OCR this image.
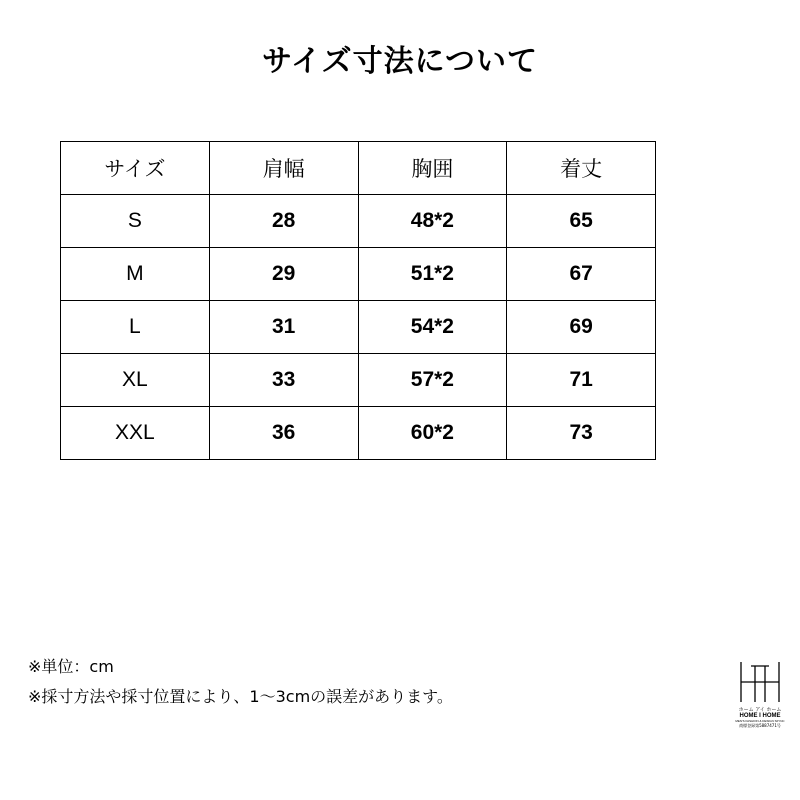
サイズ寸法について
サイズ	肩幅	胸囲	着丈
S	28	48*2	65
M	29	51*2	67
L	31	54*2	69
XL	33	57*2	71
XXL	36	60*2	73
※単位：cm
※採寸方法や採寸位置により、1～3cmの誤差があります。
ホーム アイ ホーム
HOME I HOME
MEN'S FASHION & DESIGN SP INC
商標登録第5887471号
